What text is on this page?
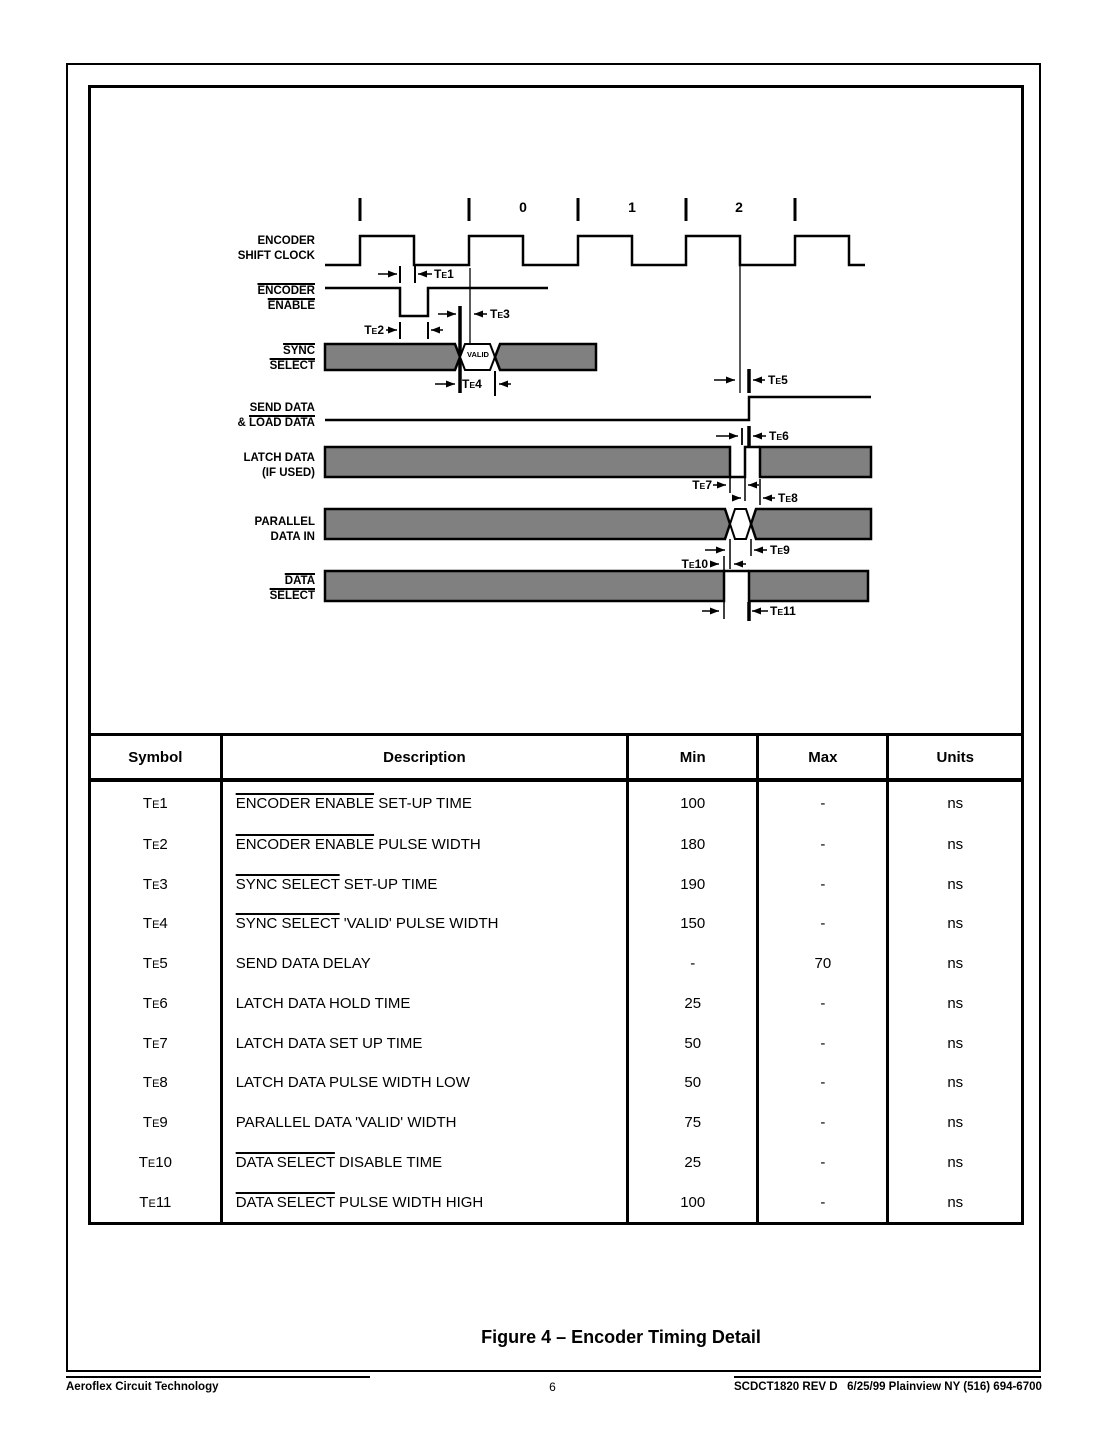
0	1	2
ENCODER
SHIFT CLOCK
ENCODER
ENABLE
SYNC
SELECT
SEND DATA
& LOAD DATA
LATCH DATA
(IF USED)
PARALLEL
DATA IN
DATA
SELECT
VALID
TE1
TE2
TE3
TE4	TE5
TE6
TE7
TE8
TE9
TE10
TE11
Symbol	Description	Min	Max	Units
TE1	ENCODER ENABLE SET-UP TIME	100	-	ns
TE2	ENCODER ENABLE PULSE WIDTH	180	-	ns
TE3	SYNC SELECT SET-UP TIME	190	-	ns
TE4	SYNC SELECT 'VALID' PULSE WIDTH	150	-	ns
TE5	SEND DATA DELAY	-	70	ns
TE6	LATCH DATA HOLD TIME	25	-	ns
TE7	LATCH DATA SET UP TIME	50	-	ns
TE8	LATCH DATA PULSE WIDTH LOW	50	-	ns
TE9	PARALLEL DATA 'VALID' WIDTH	75	-	ns
TE10	DATA SELECT DISABLE TIME	25	-	ns
TE11	DATA SELECT PULSE WIDTH HIGH	100	-	ns
Figure 4 – Encoder Timing Detail
Aeroflex Circuit Technology	6	SCDCT1820 REV D   6/25/99 Plainview NY (516) 694-6700
